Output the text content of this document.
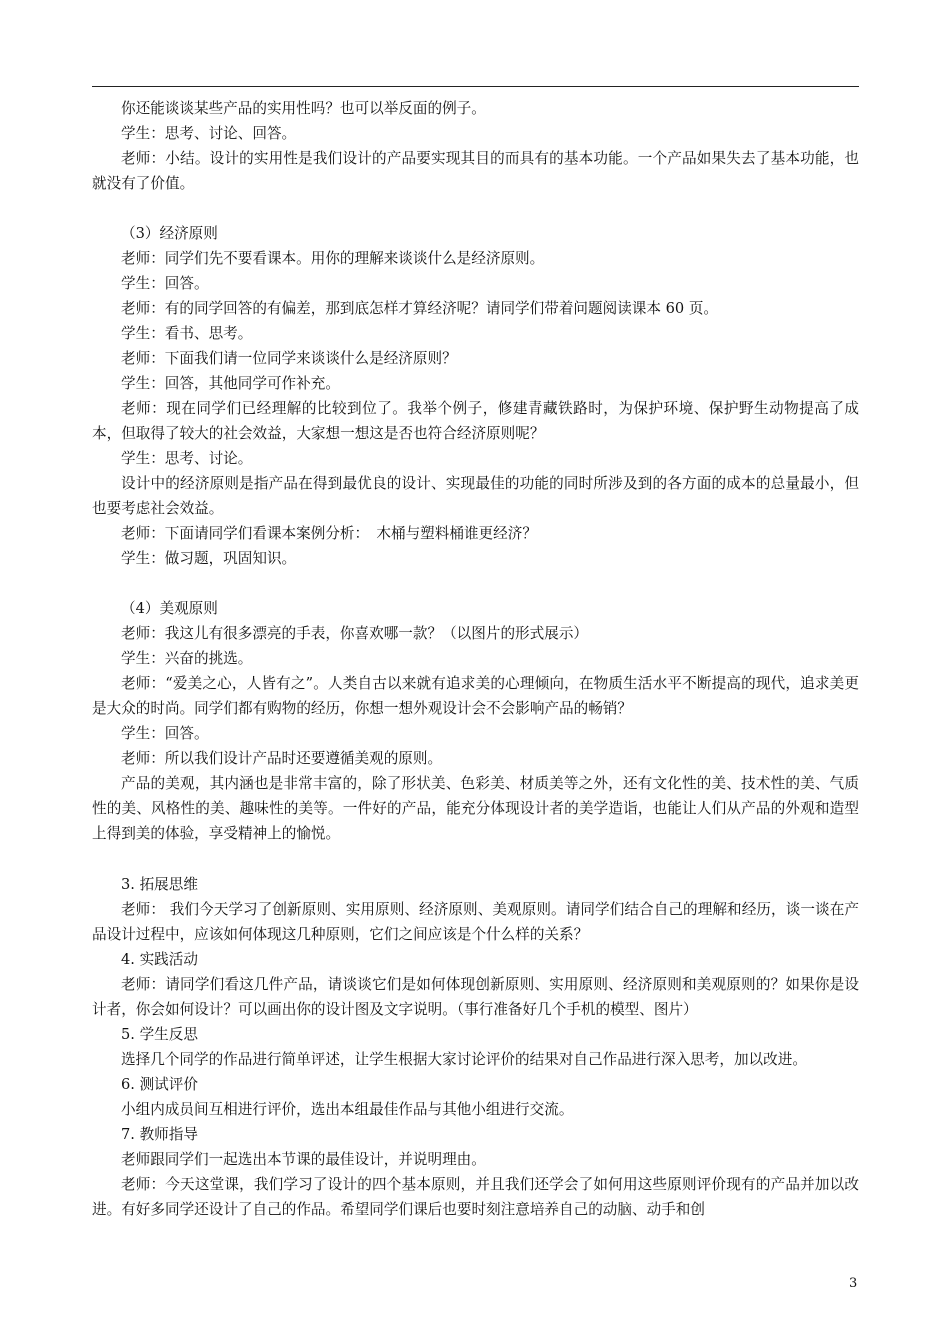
你还能谈谈某些产品的实用性吗？也可以举反面的例子。

学生：思考、讨论、回答。

老师：小结。设计的实用性是我们设计的产品要实现其目的而具有的基本功能。一个产品如果失去了基本功能，也就没有了价值。

（3）经济原则

老师：同学们先不要看课本。用你的理解来谈谈什么是经济原则。

学生：回答。

老师：有的同学回答的有偏差，那到底怎样才算经济呢？请同学们带着问题阅读课本 60 页。

学生：看书、思考。

老师：下面我们请一位同学来谈谈什么是经济原则？

学生：回答，其他同学可作补充。

老师：现在同学们已经理解的比较到位了。我举个例子，修建青藏铁路时，为保护环境、保护野生动物提高了成本，但取得了较大的社会效益，大家想一想这是否也符合经济原则呢？

学生：思考、讨论。

设计中的经济原则是指产品在得到最优良的设计、实现最佳的功能的同时所涉及到的各方面的成本的总量最小，但也要考虑社会效益。

老师：下面请同学们看课本案例分析：　木桶与塑料桶谁更经济？

学生：做习题，巩固知识。

（4）美观原则

老师：我这儿有很多漂亮的手表，你喜欢哪一款？（以图片的形式展示）

学生：兴奋的挑选。

老师：“爱美之心，人皆有之”。人类自古以来就有追求美的心理倾向，在物质生活水平不断提高的现代，追求美更是大众的时尚。同学们都有购物的经历，你想一想外观设计会不会影响产品的畅销？

学生：回答。

老师：所以我们设计产品时还要遵循美观的原则。

产品的美观，其内涵也是非常丰富的，除了形状美、色彩美、材质美等之外，还有文化性的美、技术性的美、气质性的美、风格性的美、趣味性的美等。一件好的产品，能充分体现设计者的美学造诣，也能让人们从产品的外观和造型上得到美的体验，享受精神上的愉悦。

3. 拓展思维

老师： 我们今天学习了创新原则、实用原则、经济原则、美观原则。请同学们结合自己的理解和经历，谈一谈在产品设计过程中，应该如何体现这几种原则，它们之间应该是个什么样的关系？

4. 实践活动

老师：请同学们看这几件产品，请谈谈它们是如何体现创新原则、实用原则、经济原则和美观原则的？如果你是设计者，你会如何设计？可以画出你的设计图及文字说明。（事行准备好几个手机的模型、图片）

5. 学生反思

选择几个同学的作品进行简单评述，让学生根据大家讨论评价的结果对自己作品进行深入思考，加以改进。

6. 测试评价

小组内成员间互相进行评价，选出本组最佳作品与其他小组进行交流。

7. 教师指导

老师跟同学们一起选出本节课的最佳设计，并说明理由。

老师：今天这堂课，我们学习了设计的四个基本原则，并且我们还学会了如何用这些原则评价现有的产品并加以改进。有好多同学还设计了自己的作品。希望同学们课后也要时刻注意培养自己的动脑、动手和创

3
